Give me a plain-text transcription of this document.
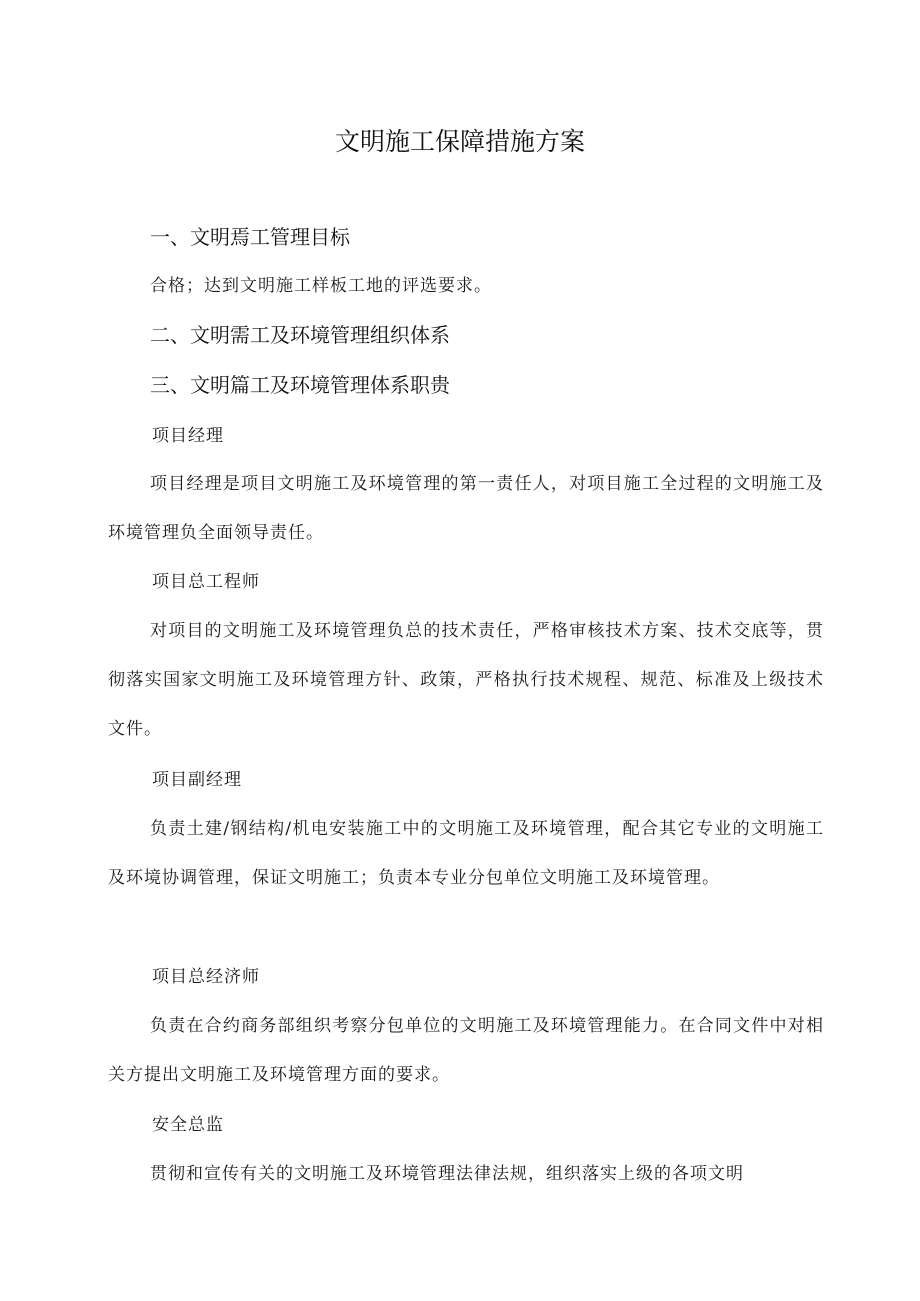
文明施工保障措施方案
一、文明焉工管理目标
合格；达到文明施工样板工地的评选要求。
二、文明需工及环境管理组织体系
三、文明篇工及环境管理体系职贵
项目经理
项目经理是项目文明施工及环境管理的第一责任人，对项目施工全过程的文明施工及环境管理负全面领导责任。
项目总工程师
对项目的文明施工及环境管理负总的技术责任，严格审核技术方案、技术交底等，贯彻落实国家文明施工及环境管理方针、政策，严格执行技术规程、规范、标准及上级技术文件。
项目副经理
负责土建/钢结构/机电安装施工中的文明施工及环境管理，配合其它专业的文明施工及环境协调管理，保证文明施工；负责本专业分包单位文明施工及环境管理。
项目总经济师
负责在合约商务部组织考察分包单位的文明施工及环境管理能力。在合同文件中对相关方提出文明施工及环境管理方面的要求。
安全总监
贯彻和宣传有关的文明施工及环境管理法律法规，组织落实上级的各项文明
